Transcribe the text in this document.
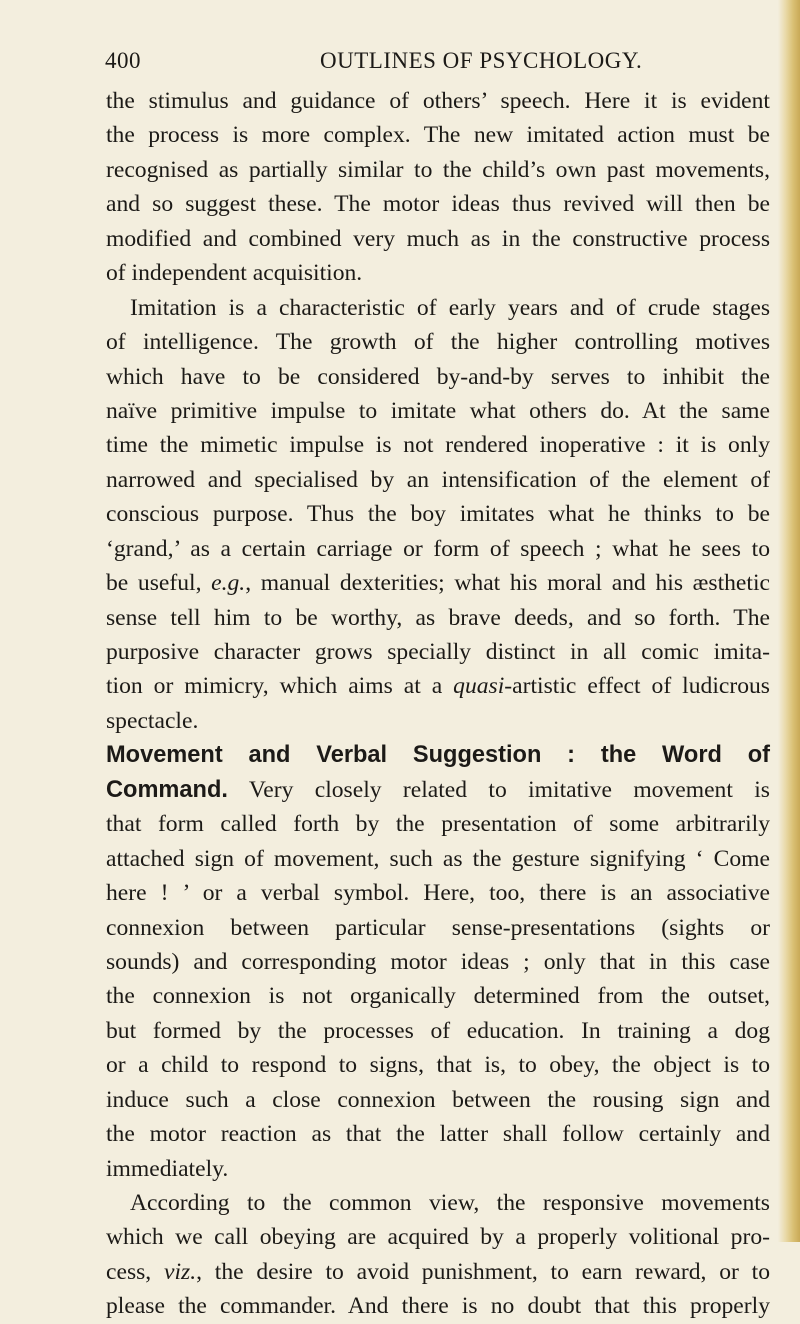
400	OUTLINES OF PSYCHOLOGY.
the stimulus and guidance of others’ speech. Here it is evident
the process is more complex. The new imitated action must be
recognised as partially similar to the child’s own past movements,
and so suggest these. The motor ideas thus revived will then be
modified and combined very much as in the constructive process
of independent acquisition.
Imitation is a characteristic of early years and of crude stages
of intelligence. The growth of the higher controlling motives
which have to be considered by-and-by serves to inhibit the
naïve primitive impulse to imitate what others do. At the same
time the mimetic impulse is not rendered inoperative : it is only
narrowed and specialised by an intensification of the element of
conscious purpose. Thus the boy imitates what he thinks to be
‘grand,’ as a certain carriage or form of speech ; what he sees to
be useful, e.g., manual dexterities; what his moral and his æsthetic
sense tell him to be worthy, as brave deeds, and so forth. The
purposive character grows specially distinct in all comic imita-
tion or mimicry, which aims at a quasi-artistic effect of ludicrous
spectacle.
Movement and Verbal Suggestion : the Word of
Command. Very closely related to imitative movement is
that form called forth by the presentation of some arbitrarily
attached sign of movement, such as the gesture signifying ‘ Come
here ! ’ or a verbal symbol. Here, too, there is an associative
connexion between particular sense-presentations (sights or
sounds) and corresponding motor ideas ; only that in this case
the connexion is not organically determined from the outset,
but formed by the processes of education. In training a dog
or a child to respond to signs, that is, to obey, the object is to
induce such a close connexion between the rousing sign and
the motor reaction as that the latter shall follow certainly and
immediately.
According to the common view, the responsive movements
which we call obeying are acquired by a properly volitional pro-
cess, viz., the desire to avoid punishment, to earn reward, or to
please the commander. And there is no doubt that this properly
